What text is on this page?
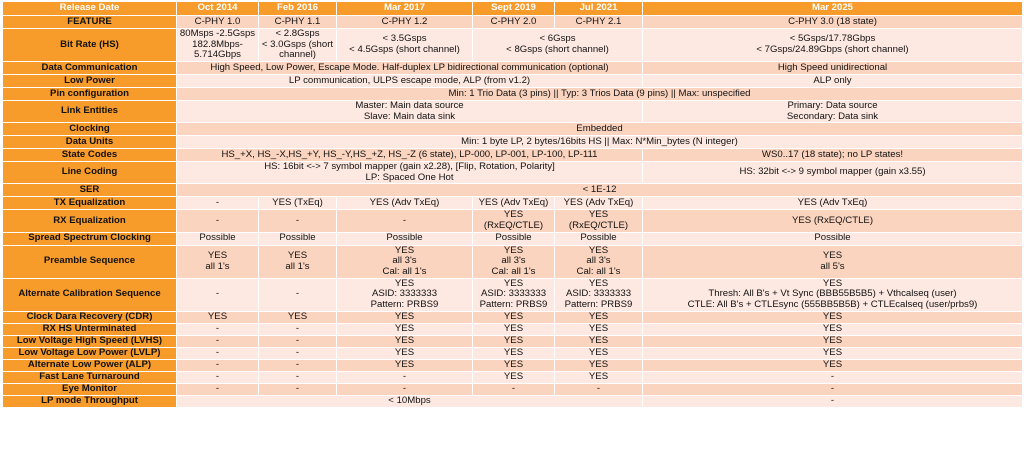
Release Date	Oct 2014	Feb 2016	Mar 2017	Sept 2019	Jul 2021	Mar 2025
FEATURE	C-PHY 1.0	C-PHY 1.1	C-PHY 1.2	C-PHY 2.0	C-PHY 2.1	C-PHY 3.0 (18 state)

Bit Rate (HS)	80Msps -2.5Gsps
182.8Mbps-
5.714Gbps	< 2.8Gsps
< 3.0Gsps (short
channel)	< 3.5Gsps
< 4.5Gsps (short channel)	< 6Gsps
< 8Gsps (short channel)		< 5Gsps/17.78Gbps
< 7Gsps/24.89Gbps (short channel)

Data Communication	High Speed, Low Power, Escape Mode. Half-duplex LP bidirectional communication (optional)					High Speed unidirectional

Low Power	LP communication, ULPS escape mode, ALP (from v1.2)					ALP only

Pin configuration	Min: 1 Trio Data (3 pins) || Typ: 3 Trios Data (9 pins) || Max: unspecified					

Link Entities	Master: Main data source
Slave: Main data sink					Primary: Data source
Secondary: Data sink

Clocking	Embedded					

Data Units	Min: 1 byte LP, 2 bytes/16bits HS || Max: N*Min_bytes (N integer)					

State Codes	HS_+X, HS_-X,HS_+Y, HS_-Y,HS_+Z, HS_-Z (6 state), LP-000, LP-001, LP-100, LP-111					WS0..17 (18 state); no LP states!

Line Coding	HS: 16bit <-> 7 symbol mapper (gain x2.28), [Flip, Rotation, Polarity]
LP: Spaced One Hot					HS: 32bit <-> 9 symbol mapper (gain x3.55)

SER	< 1E-12					

TX Equalization	-	YES (TxEq)	YES (Adv TxEq)	YES (Adv TxEq)	YES (Adv TxEq)	YES (Adv TxEq)

RX Equalization	-	-	-	YES
(RxEQ/CTLE)	YES
(RxEQ/CTLE)	YES (RxEQ/CTLE)

Spread Spectrum Clocking	Possible	Possible	Possible	Possible	Possible	Possible

Preamble Sequence	YES
all 1's	YES
all 1's	YES
all 3's
Cal: all 1's	YES
all 3's
Cal: all 1's	YES
all 3's
Cal: all 1's	YES
all 5's

Alternate Calibration Sequence	-	-	YES
ASID: 3333333
Pattern: PRBS9	YES
ASID: 3333333
Pattern: PRBS9	YES
ASID: 3333333
Pattern: PRBS9	YES
Thresh: All B's + Vt Sync (BBB55B5B5) + Vthcalseq (user)
CTLE: All B's + CTLEsync (555BB5B5B) + CTLEcalseq (user/prbs9)

Clock Dara Recovery (CDR)	YES	YES	YES	YES	YES	YES

RX HS Unterminated	-	-	YES	YES	YES	YES

Low Voltage High Speed (LVHS)	-	-	YES	YES	YES	YES

Low Voltage Low Power (LVLP)	-	-	YES	YES	YES	YES

Alternate Low Power (ALP)	-	-	YES	YES	YES	YES

Fast Lane Turnaround	-	-	-	YES	YES	-

Eye Monitor	-	-	-	-	-	-

LP mode Throughput	< 10Mbps					-
